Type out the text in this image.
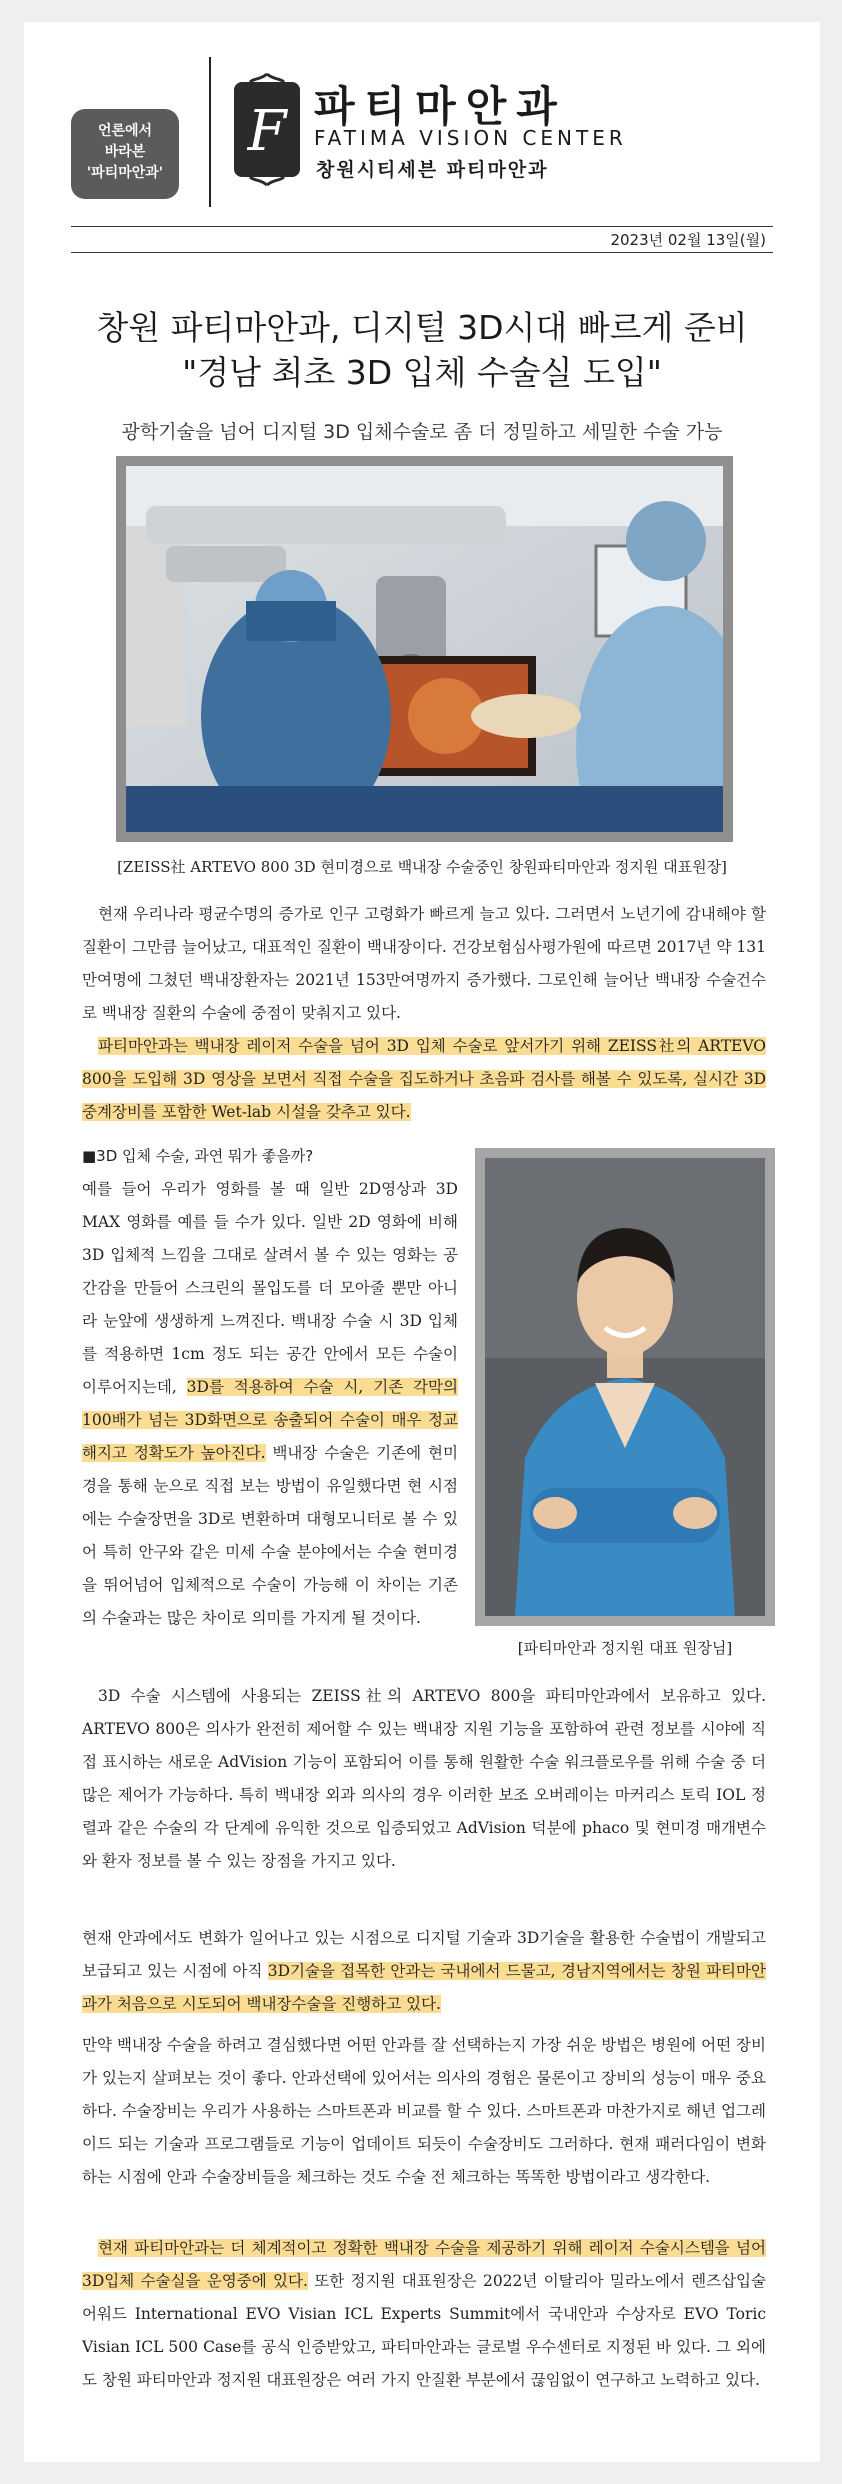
언론에서
바라본
'파티마안과'
F 파티마안과
FATIMA VISION CENTER
창원시티세븐 파티마안과
2023년 02월 13일(월)
창원 파티마안과, 디지털 3D시대 빠르게 준비
"경남 최초 3D 입체 수술실 도입"
광학기술을 넘어 디지털 3D 입체수술로 좀 더 정밀하고 세밀한 수술 가능
[ZEISS社 ARTEVO 800 3D 현미경으로 백내장 수술중인 창원파티마안과 정지원 대표원장]

현재 우리나라 평균수명의 증가로 인구 고령화가 빠르게 늘고 있다. 그러면서 노년기에 감내해야 할 질환이 그만큼 늘어났고, 대표적인 질환이 백내장이다. 건강보험심사평가원에 따르면 2017년 약 131만여명에 그쳤던 백내장환자는 2021년 153만여명까지 증가했다. 그로인해 늘어난 백내장 수술건수로 백내장 질환의 수술에 중점이 맞춰지고 있다.

파티마안과는 백내장 레이저 수술을 넘어 3D 입체 수술로 앞서가기 위해 ZEISS社의 ARTEVO 800을 도입해 3D 영상을 보면서 직접 수술을 집도하거나 초음파 검사를 해볼 수 있도록, 실시간 3D 중계장비를 포함한 Wet-lab 시설을 갖추고 있다.

■3D 입체 수술, 과연 뭐가 좋을까?
예를 들어 우리가 영화를 볼 때 일반 2D영상과 3D MAX 영화를 예를 들 수가 있다. 일반 2D 영화에 비해 3D 입체적 느낌을 그대로 살려서 볼 수 있는 영화는 공간감을 만들어 스크린의 몰입도를 더 모아줄 뿐만 아니라 눈앞에 생생하게 느껴진다. 백내장 수술 시 3D 입체를 적용하면 1cm 정도 되는 공간 안에서 모든 수술이 이루어지는데, 3D를 적용하여 수술 시, 기존 각막의 100배가 넘는 3D화면으로 송출되어 수술이 매우 정교해지고 정확도가 높아진다. 백내장 수술은 기존에 현미경을 통해 눈으로 직접 보는 방법이 유일했다면 현 시점에는 수술장면을 3D로 변환하며 대형모니터로 볼 수 있어 특히 안구와 같은 미세 수술 분야에서는 수술 현미경을 뛰어넘어 입체적으로 수술이 가능해 이 차이는 기존의 수술과는 많은 차이로 의미를 가지게 될 것이다.

[파티마안과 정지원 대표 원장님]

3D 수술 시스템에 사용되는 ZEISS社의 ARTEVO 800을 파티마안과에서 보유하고 있다. ARTEVO 800은 의사가 완전히 제어할 수 있는 백내장 지원 기능을 포함하여 관련 정보를 시야에 직접 표시하는 새로운 AdVision 기능이 포함되어 이를 통해 원활한 수술 워크플로우를 위해 수술 중 더 많은 제어가 가능하다. 특히 백내장 외과 의사의 경우 이러한 보조 오버레이는 마커리스 토릭 IOL 정렬과 같은 수술의 각 단계에 유익한 것으로 입증되었고 AdVision 덕분에 phaco 및 현미경 매개변수와 환자 정보를 볼 수 있는 장점을 가지고 있다.

현재 안과에서도 변화가 일어나고 있는 시점으로 디지털 기술과 3D기술을 활용한 수술법이 개발되고 보급되고 있는 시점에 아직 3D기술을 접목한 안과는 국내에서 드물고, 경남지역에서는 창원 파티마안과가 처음으로 시도되어 백내장수술을 진행하고 있다.

만약 백내장 수술을 하려고 결심했다면 어떤 안과를 잘 선택하는지 가장 쉬운 방법은 병원에 어떤 장비가 있는지 살펴보는 것이 좋다. 안과선택에 있어서는 의사의 경험은 물론이고 장비의 성능이 매우 중요하다. 수술장비는 우리가 사용하는 스마트폰과 비교를 할 수 있다. 스마트폰과 마찬가지로 해년 업그레이드 되는 기술과 프로그램들로 기능이 업데이트 되듯이 수술장비도 그러하다. 현재 패러다임이 변화하는 시점에 안과 수술장비들을 체크하는 것도 수술 전 체크하는 똑똑한 방법이라고 생각한다.

현재 파티마안과는 더 체계적이고 정확한 백내장 수술을 제공하기 위해 레이저 수술시스템을 넘어 3D입체 수술실을 운영중에 있다. 또한 정지원 대표원장은 2022년 이탈리아 밀라노에서 렌즈삽입술 어워드 International EVO Visian ICL Experts Summit에서 국내안과 수상자로 EVO Toric Visian ICL 500 Case를 공식 인증받았고, 파티마안과는 글로벌 우수센터로 지정된 바 있다. 그 외에도 창원 파티마안과 정지원 대표원장은 여러 가지 안질환 부분에서 끊임없이 연구하고 노력하고 있다.
